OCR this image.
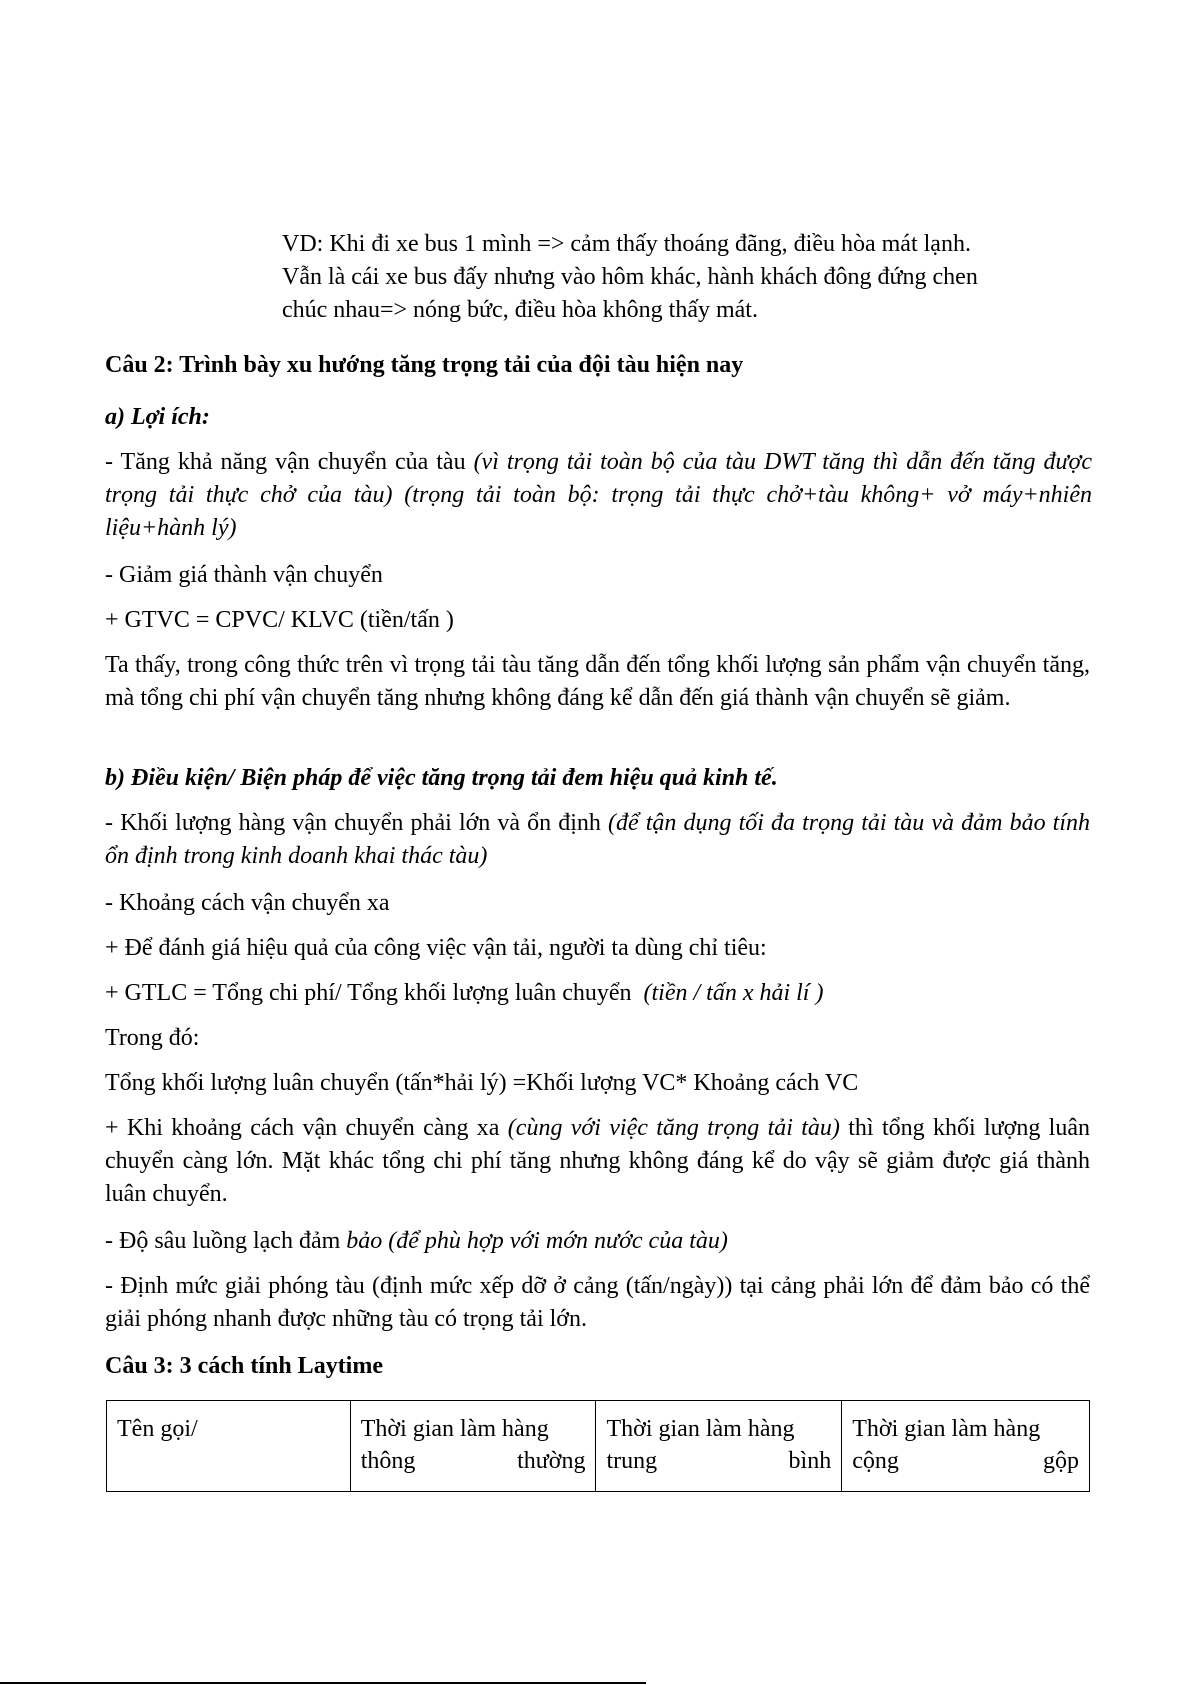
VD: Khi đi xe bus 1 mình => cảm thấy thoáng đãng, điều hòa mát lạnh.

Vẫn là cái xe bus đấy nhưng vào hôm khác, hành khách đông đứng chen

chúc nhau=> nóng bức, điều hòa không thấy mát.

Câu 2: Trình bày xu hướng tăng trọng tải của đội tàu hiện nay

a) Lợi ích:

- Tăng khả năng vận chuyển của tàu (vì trọng tải toàn bộ của tàu DWT tăng thì dẫn đến tăng được trọng tải thực chở của tàu) (trọng tải toàn bộ: trọng tải thực chở+tàu không+ vở máy+nhiên liệu+hành lý)

- Giảm giá thành vận chuyển

+ GTVC = CPVC/ KLVC (tiền/tấn )

Ta thấy, trong công thức trên vì trọng tải tàu tăng dẫn đến tổng khối lượng sản phẩm vận chuyển tăng, mà tổng chi phí vận chuyển tăng nhưng không đáng kể dẫn đến giá thành vận chuyển sẽ giảm.

b) Điều kiện/ Biện pháp để việc tăng trọng tải đem hiệu quả kinh tế.

- Khối lượng hàng vận chuyển phải lớn và ổn định (để tận dụng tối đa trọng tải tàu và đảm bảo tính ổn định trong kinh doanh khai thác tàu)

- Khoảng cách vận chuyển xa

+ Để đánh giá hiệu quả của công việc vận tải, người ta dùng chỉ tiêu:

+ GTLC = Tổng chi phí/ Tổng khối lượng luân chuyển  (tiền / tấn x hải lí )

Trong đó:

Tổng khối lượng luân chuyển (tấn*hải lý) =Khối lượng VC* Khoảng cách VC

+ Khi khoảng cách vận chuyển càng xa (cùng với việc tăng trọng tải tàu) thì tổng khối lượng luân chuyển càng lớn. Mặt khác tổng chi phí tăng nhưng không đáng kể do vậy sẽ giảm được giá thành luân chuyển.

- Độ sâu luồng lạch đảm bảo (để phù hợp với mớn nước của tàu)

- Định mức giải phóng tàu (định mức xếp dỡ ở cảng (tấn/ngày)) tại cảng phải lớn để đảm bảo có thể giải phóng nhanh được những tàu có trọng tải lớn.

Câu 3: 3 cách tính Laytime

Tên gọi/	Thời gian làm hàng thông thường	Thời gian làm hàng trung bình	Thời gian làm hàng cộng gộp
